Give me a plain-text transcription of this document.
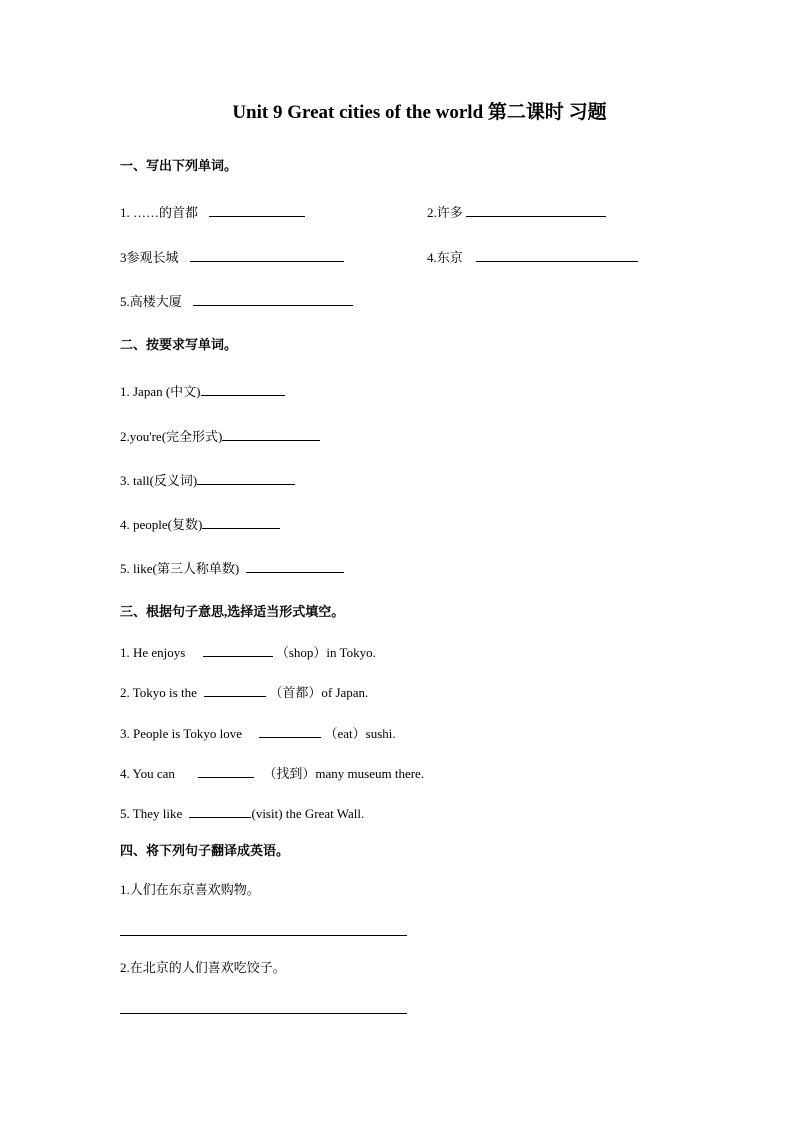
Unit 9 Great cities of the world 第二课时 习题
一、写出下列单词。
1. ……的首都	2.许多
3参观长城	4.东京
5.高楼大厦
二、按要求写单词。
1. Japan (中文)
2.you're(完全形式)
3. tall(反义词)
4. people(复数)
5. like(第三人称单数)
三、根据句子意思,选择适当形式填空。
1. He enjoys	（shop）in Tokyo.
2. Tokyo is the	（首都）of Japan.
3. People is Tokyo love	（eat）sushi.
4. You can	（找到）many museum there.
5. They like	(visit) the Great Wall.
四、将下列句子翻译成英语。
1.人们在东京喜欢购物。
2.在北京的人们喜欢吃饺子。
